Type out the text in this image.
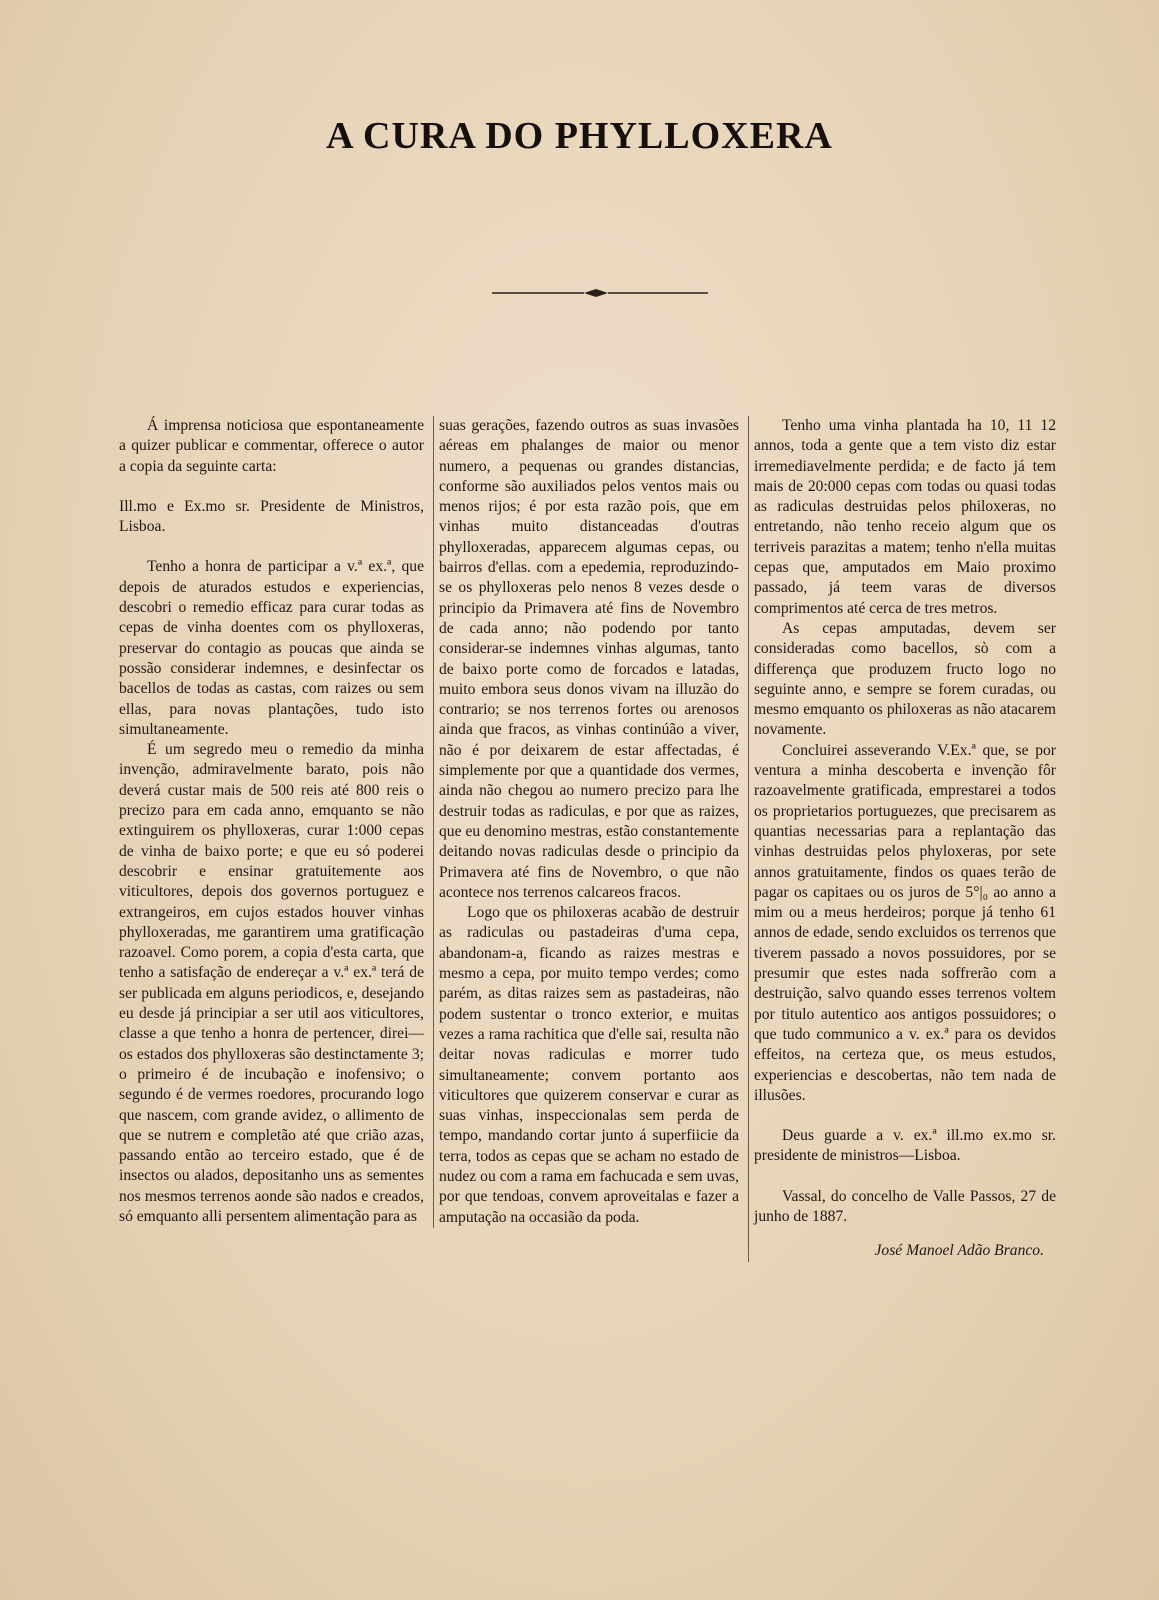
A CURA DO PHYLLOXERA

Á imprensa noticiosa que espontaneamente a quizer publicar e commentar, offerece o autor a copia da seguinte carta:

Ill.mo e Ex.mo sr. Presidente de Ministros, Lisboa.

Tenho a honra de participar a v.ª ex.ª, que depois de aturados estudos e experiencias, descobri o remedio efficaz para curar todas as cepas de vinha doentes com os phylloxeras, preservar do contagio as poucas que ainda se possão considerar indemnes, e desinfectar os bacellos de todas as castas, com raizes ou sem ellas, para novas plantações, tudo isto simultaneamente.

É um segredo meu o remedio da minha invenção, admiravelmente barato, pois não deverá custar mais de 500 reis até 800 reis o precizo para em cada anno, emquanto se não extinguirem os phylloxeras, curar 1:000 cepas de vinha de baixo porte; e que eu só poderei descobrir e ensinar gratuitemente aos viticultores, depois dos governos portuguez e extrangeiros, em cujos estados houver vinhas phylloxeradas, me garantirem uma gratificação razoavel. Como porem, a copia d'esta carta, que tenho a satisfação de endereçar a v.ª ex.ª terá de ser publicada em alguns periodicos, e, desejando eu desde já principiar a ser util aos viticultores, classe a que tenho a honra de pertencer, direi—os estados dos phylloxeras são destinctamente 3; o primeiro é de incubação e inofensivo; o segundo é de vermes roedores, procurando logo que nascem, com grande avidez, o allimento de que se nutrem e completão até que crião azas, passando então ao terceiro estado, que é de insectos ou alados, depositanho uns as sementes nos mesmos terrenos aonde são nados e creados, só emquanto alli persentem alimentação para as

suas gerações, fazendo outros as suas invasões aéreas em phalanges de maior ou menor numero, a pequenas ou grandes distancias, conforme são auxiliados pelos ventos mais ou menos rijos; é por esta razão pois, que em vinhas muito distanceadas d'outras phylloxeradas, apparecem algumas cepas, ou bairros d'ellas. com a epedemia, reproduzindo-se os phylloxeras pelo nenos 8 vezes desde o principio da Primavera até fins de Novembro de cada anno; não podendo por tanto considerar-se indemnes vinhas algumas, tanto de baixo porte como de forcados e latadas, muito embora seus donos vivam na illuzão do contrario; se nos terrenos fortes ou arenosos ainda que fracos, as vinhas continúão a viver, não é por deixarem de estar affectadas, é simplemente por que a quantidade dos vermes, ainda não chegou ao numero precizo para lhe destruir todas as radiculas, e por que as raizes, que eu denomino mestras, estão constantemente deitando novas radiculas desde o principio da Primavera até fins de Novembro, o que não acontece nos terrenos calcareos fracos.

Logo que os philoxeras acabão de destruir as radiculas ou pastadeiras d'uma cepa, abandonam-a, ficando as raizes mestras e mesmo a cepa, por muito tempo verdes; como parém, as ditas raizes sem as pastadeiras, não podem sustentar o tronco exterior, e muitas vezes a rama rachitica que d'elle sai, resulta não deitar novas radiculas e morrer tudo simultaneamente; convem portanto aos viticultores que quizerem conservar e curar as suas vinhas, inspeccionalas sem perda de tempo, mandando cortar junto á superfiicie da terra, todos as cepas que se acham no estado de nudez ou com a rama em fachucada e sem uvas, por que tendoas, convem aproveitalas e fazer a amputação na occasião da poda.

Tenho uma vinha plantada ha 10, 11 12 annos, toda a gente que a tem visto diz estar irremediavelmente perdida; e de facto já tem mais de 20:000 cepas com todas ou quasi todas as radiculas destruidas pelos philoxeras, no entretando, não tenho receio algum que os terriveis parazitas a matem; tenho n'ella muitas cepas que, amputados em Maio proximo passado, já teem varas de diversos comprimentos até cerca de tres metros.

As cepas amputadas, devem ser consideradas como bacellos, sò com a differença que produzem fructo logo no seguinte anno, e sempre se forem curadas, ou mesmo emquanto os philoxeras as não atacarem novamente.

Concluirei asseverando V.Ex.ª que, se por ventura a minha descoberta e invenção fôr razoavelmente gratificada, emprestarei a todos os proprietarios portuguezes, que precisarem as quantias necessarias para a replantação das vinhas destruidas pelos phyloxeras, por sete annos gratuitamente, findos os quaes terão de pagar os capitaes ou os juros de 5°|₀ ao anno a mim ou a meus herdeiros; porque já tenho 61 annos de edade, sendo excluidos os terrenos que tiverem passado a novos possuidores, por se presumir que estes nada soffrerão com a destruição, salvo quando esses terrenos voltem por titulo autentico aos antigos possuidores; o que tudo communico a v. ex.ª para os devidos effeitos, na certeza que, os meus estudos, experiencias e descobertas, não tem nada de illusões.

Deus guarde a v. ex.ª ill.mo ex.mo sr. presidente de ministros—Lisboa.

Vassal, do concelho de Valle Passos, 27 de junho de 1887.

José Manoel Adão Branco.
